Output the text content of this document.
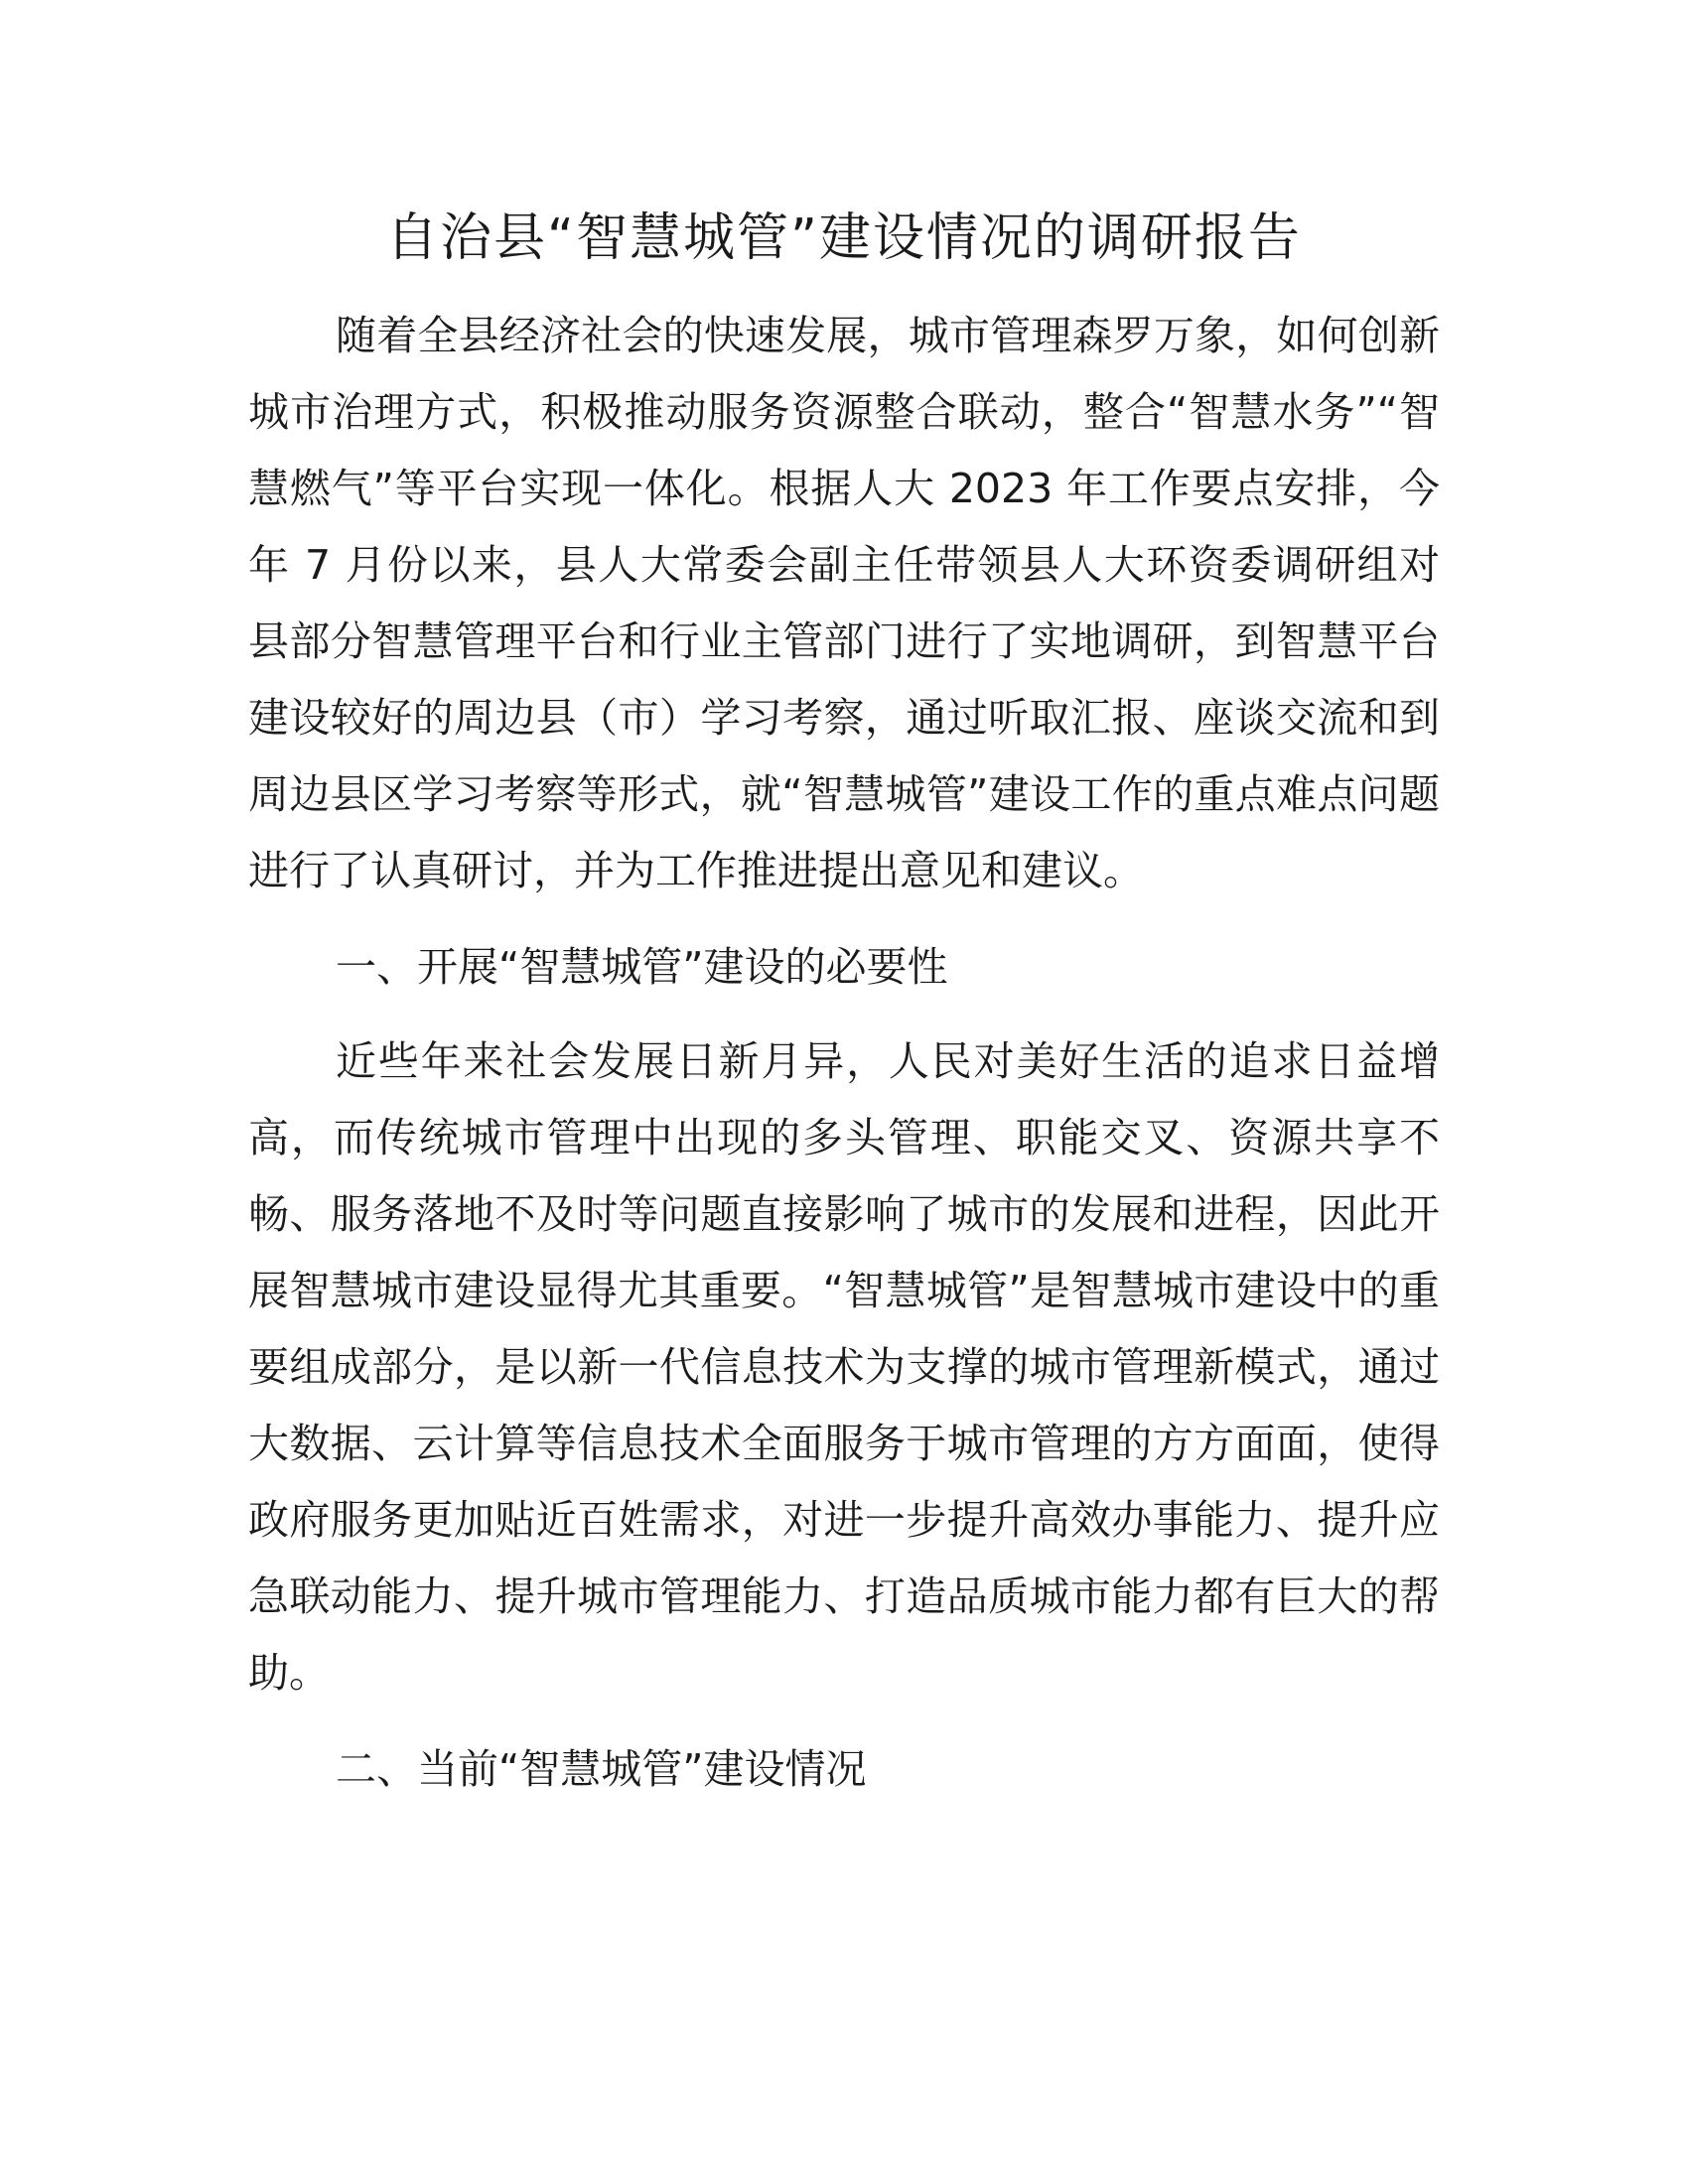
自治县“智慧城管”建设情况的调研报告

随着全县经济社会的快速发展，城市管理森罗万象，如何创新城市治理方式，积极推动服务资源整合联动，整合“智慧水务”“智慧燃气”等平台实现一体化。根据人大 2023 年工作要点安排，今年 7 月份以来，县人大常委会副主任带领县人大环资委调研组对县部分智慧管理平台和行业主管部门进行了实地调研，到智慧平台建设较好的周边县（市）学习考察，通过听取汇报、座谈交流和到周边县区学习考察等形式，就“智慧城管”建设工作的重点难点问题进行了认真研讨，并为工作推进提出意见和建议。

一、开展“智慧城管”建设的必要性

近些年来社会发展日新月异，人民对美好生活的追求日益增高，而传统城市管理中出现的多头管理、职能交叉、资源共享不畅、服务落地不及时等问题直接影响了城市的发展和进程，因此开展智慧城市建设显得尤其重要。“智慧城管”是智慧城市建设中的重要组成部分，是以新一代信息技术为支撑的城市管理新模式，通过大数据、云计算等信息技术全面服务于城市管理的方方面面，使得政府服务更加贴近百姓需求，对进一步提升高效办事能力、提升应急联动能力、提升城市管理能力、打造品质城市能力都有巨大的帮助。

二、当前“智慧城管”建设情况
